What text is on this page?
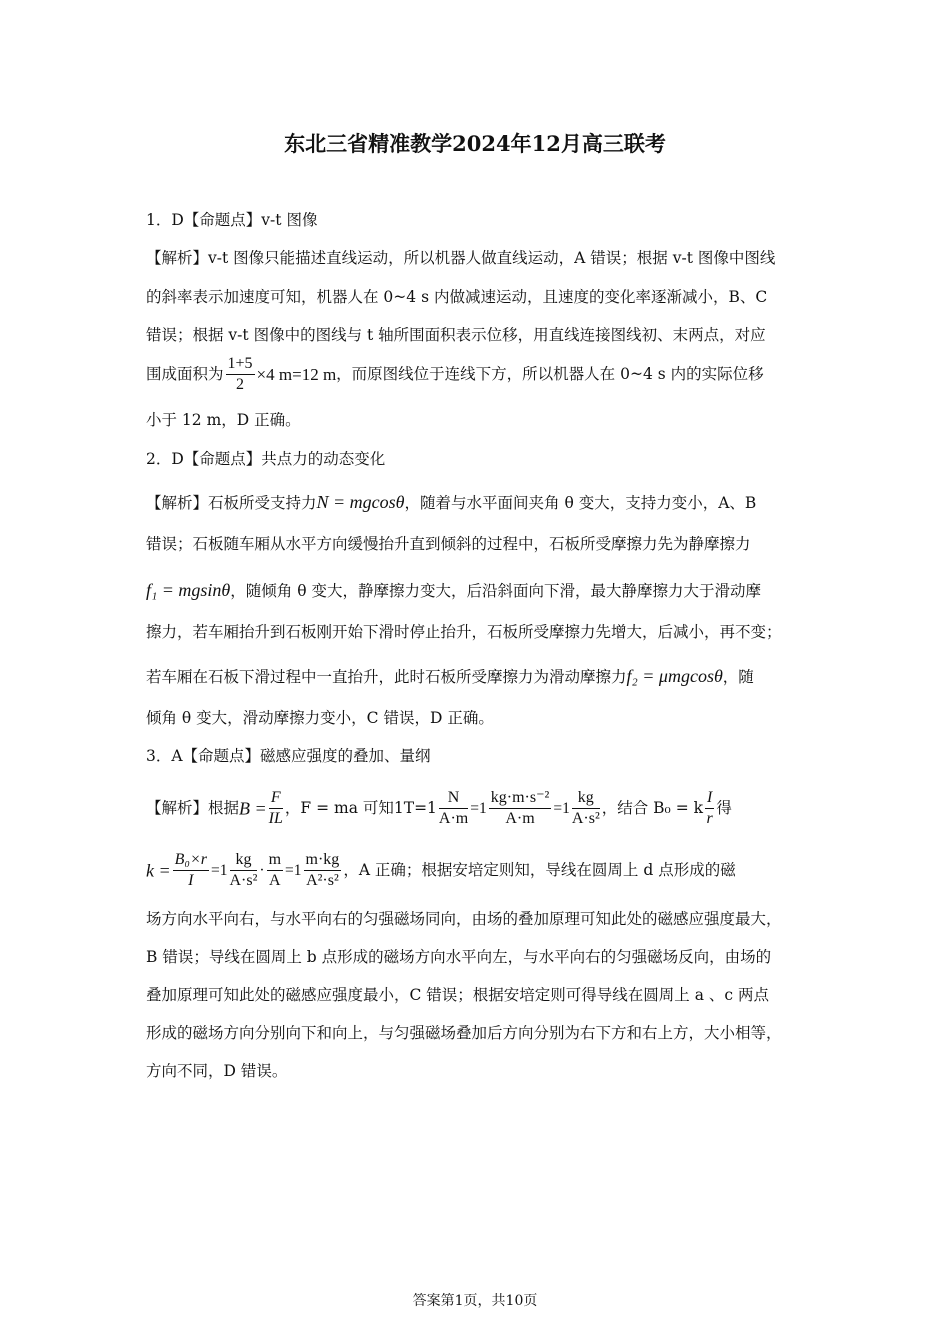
东北三省精准教学2024年12月高三联考
1．D【命题点】v-t 图像
【解析】v-t 图像只能描述直线运动，所以机器人做直线运动，A 错误；根据 v-t 图像中图线
的斜率表示加速度可知，机器人在 0~4 s 内做减速运动，且速度的变化率逐渐减小，B、C
错误；根据 v-t 图像中的图线与 t 轴所围面积表示位移，用直线连接图线初、末两点，对应
围成面积为 $\frac{1+5}{2} \times 4$ m=12 m，而原图线位于连线下方，所以机器人在 0~4 s 内的实际位移
小于 12 m，D 正确。
2．D【命题点】共点力的动态变化
【解析】石板所受支持力N = mgcosθ，随着与水平面间夹角 θ 变大，支持力变小，A、B
错误；石板随车厢从水平方向缓慢抬升直到倾斜的过程中，石板所受摩擦力先为静摩擦力
f₁ = mgsinθ，随倾角 θ 变大，静摩擦力变大，后沿斜面向下滑，最大静摩擦力大于滑动摩
擦力，若车厢抬升到石板刚开始下滑时停止抬升，石板所受摩擦力先增大，后减小，再不变；
若车厢在石板下滑过程中一直抬升，此时石板所受摩擦力为滑动摩擦力f₂ = μmgcosθ，随
倾角 θ 变大，滑动摩擦力变小，C 错误，D 正确。
3．A【命题点】磁感应强度的叠加、量纲
【解析】根据$B = \frac{F}{IL}$ ，F = ma 可知$1T=1 \frac{N}{A\cdot m} =1 \frac{\text{kg·m·s⁻²}}{A\cdot m} =1 \frac{kg}{\text{A·s²}}$ ，结合 B₀ = k $\frac{I}{r}$ 得
$k = \frac{\text{B₀×r}}{I} =1 \frac{kg}{\text{A·s²}} \cdot \frac{m}{A} =1 \frac{m\cdot kg}{\text{A²·s²}}$ ，A 正确；根据安培定则知，导线在圆周上 d 点形成的磁
场方向水平向右，与水平向右的匀强磁场同向，由场的叠加原理可知此处的磁感应强度最大，
B 错误；导线在圆周上 b 点形成的磁场方向水平向左，与水平向右的匀强磁场反向，由场的
叠加原理可知此处的磁感应强度最小，C 错误；根据安培定则可得导线在圆周上 a 、c 两点
形成的磁场方向分别向下和向上，与匀强磁场叠加后方向分别为右下方和右上方，大小相等，
方向不同，D 错误。
答案第1页，共10页
